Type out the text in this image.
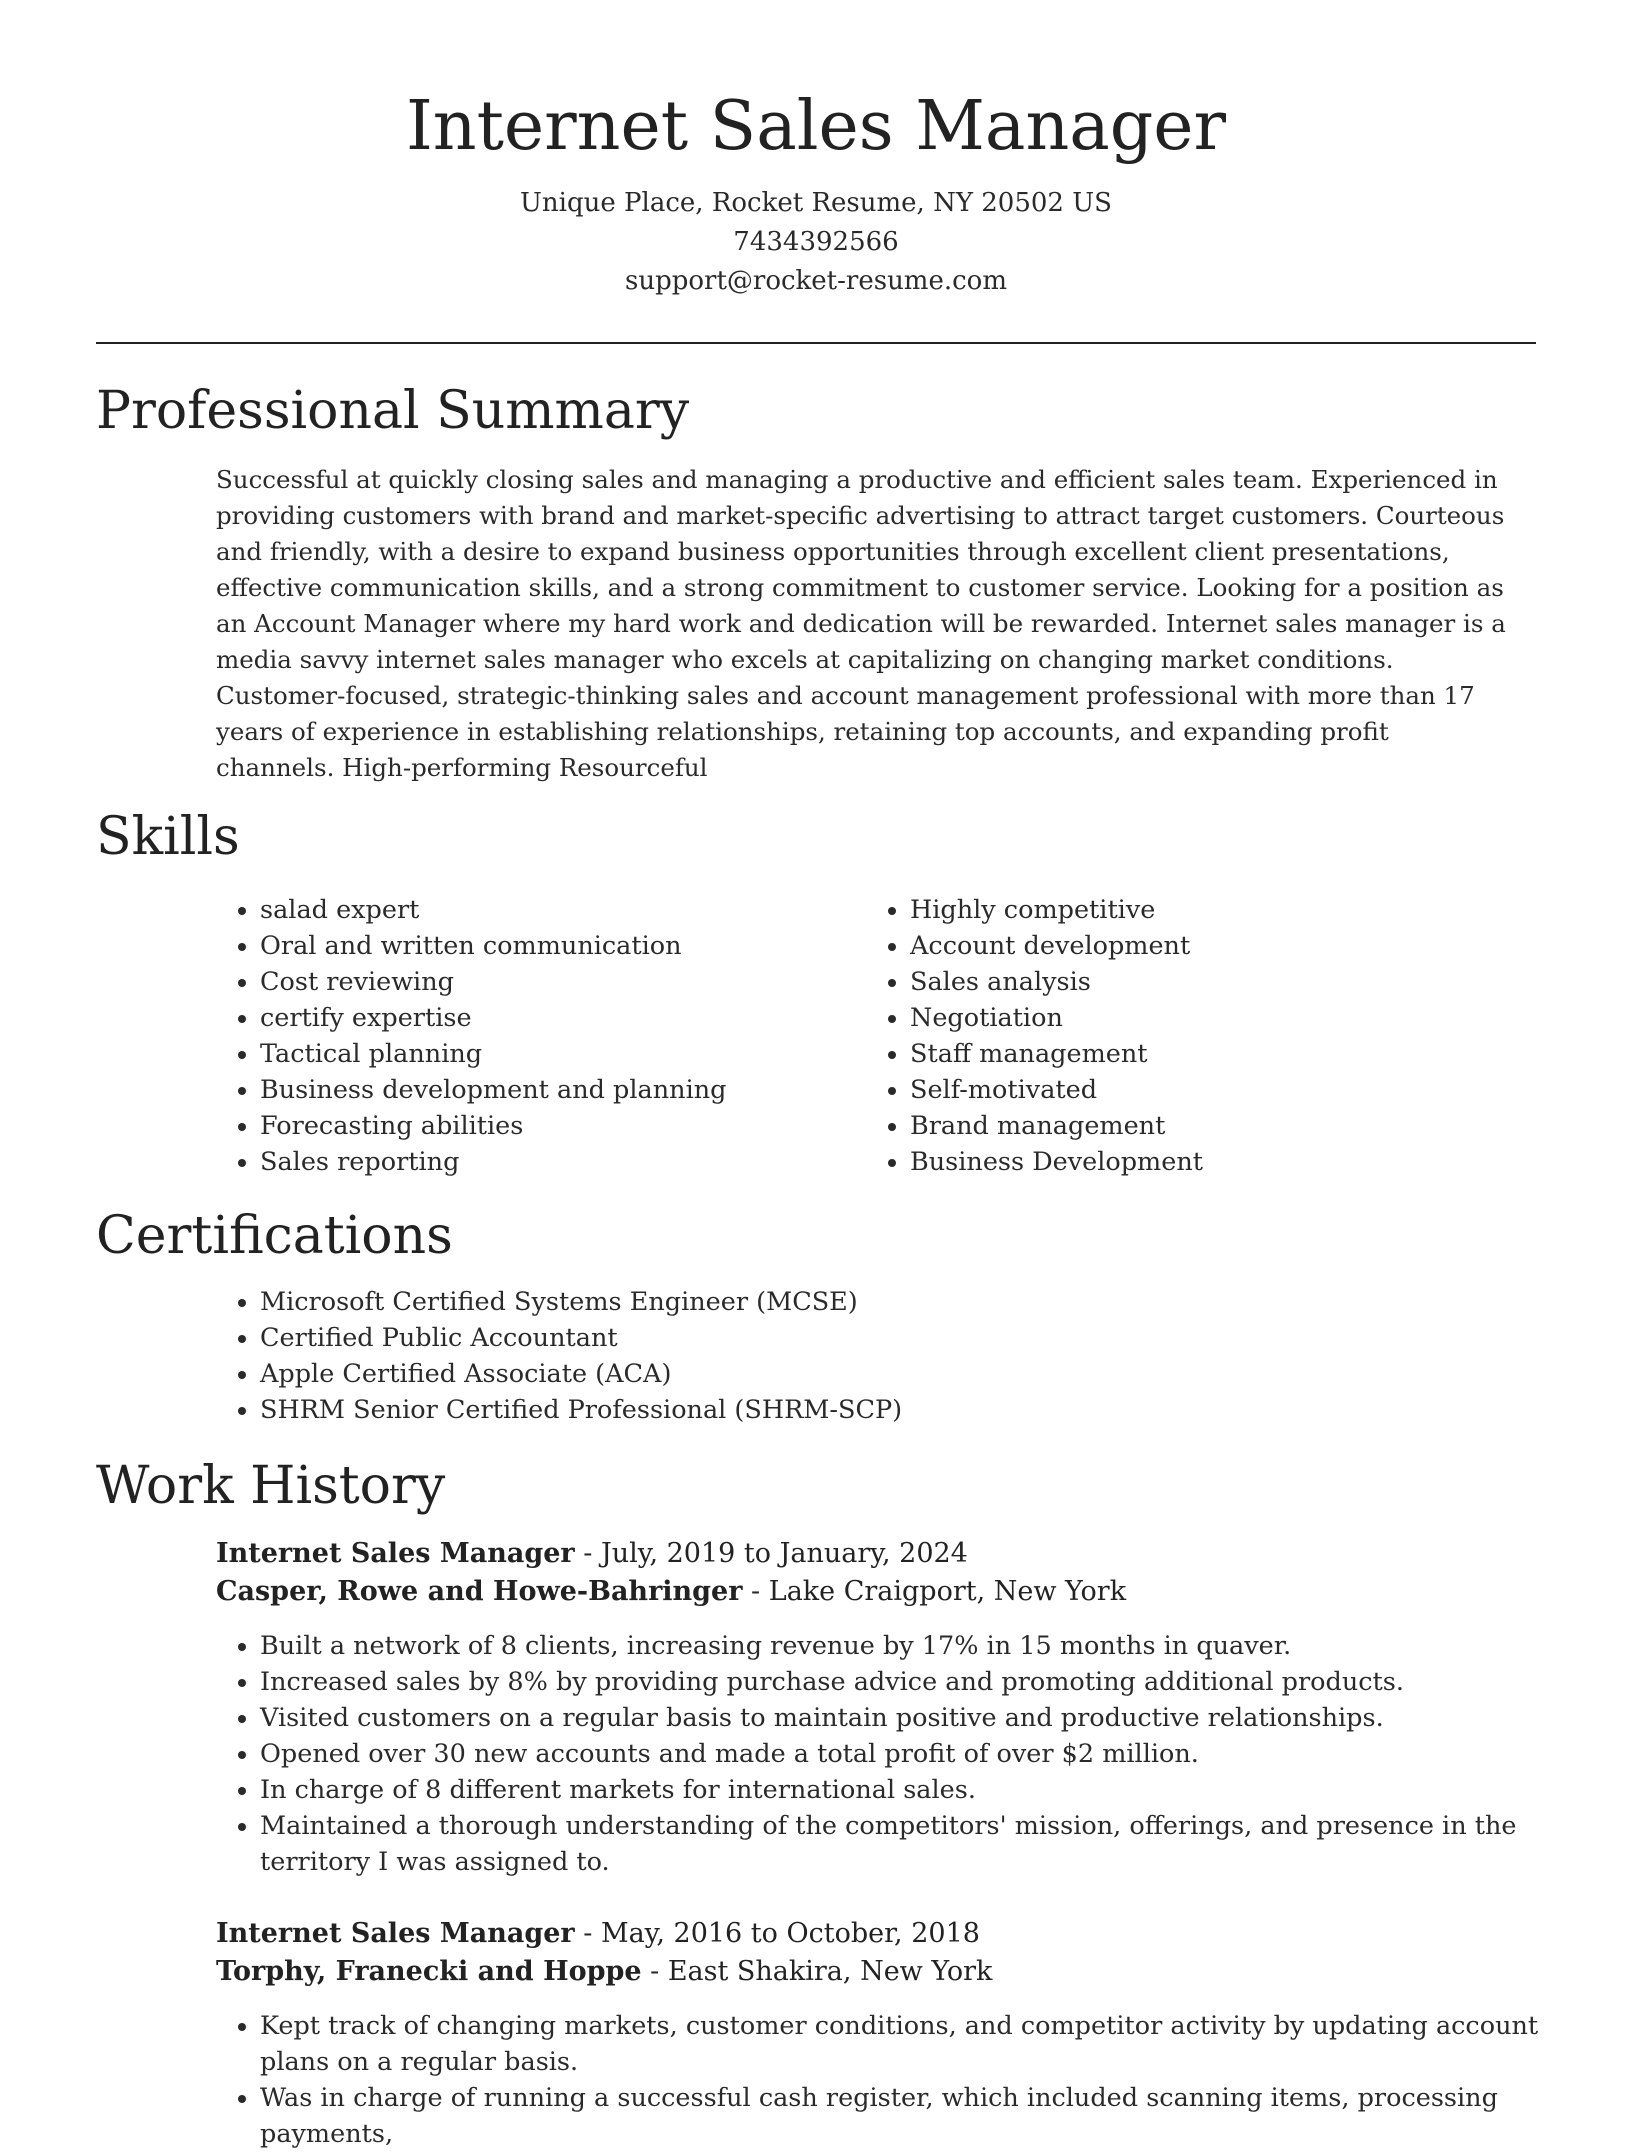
Internet Sales Manager
Unique Place, Rocket Resume, NY 20502 US
7434392566
support@rocket-resume.com
Professional Summary

Successful at quickly closing sales and managing a productive and efficient sales team. Experienced in providing customers with brand and market-specific advertising to attract target customers. Courteous and friendly, with a desire to expand business opportunities through excellent client presentations, effective communication skills, and a strong commitment to customer service. Looking for a position as an Account Manager where my hard work and dedication will be rewarded. Internet sales manager is a media savvy internet sales manager who excels at capitalizing on changing market conditions. Customer-focused, strategic-thinking sales and account management professional with more than 17 years of experience in establishing relationships, retaining top accounts, and expanding profit channels. High-performing Resourceful

Skills
• salad expert
• Oral and written communication
• Cost reviewing
• certify expertise
• Tactical planning
• Business development and planning
• Forecasting abilities
• Sales reporting
• Highly competitive
• Account development
• Sales analysis
• Negotiation
• Staff management
• Self-motivated
• Brand management
• Business Development
Certifications
• Microsoft Certified Systems Engineer (MCSE)
• Certified Public Accountant
• Apple Certified Associate (ACA)
• SHRM Senior Certified Professional (SHRM-SCP)
Work History
Internet Sales Manager - July, 2019 to January, 2024
Casper, Rowe and Howe-Bahringer - Lake Craigport, New York
• Built a network of 8 clients, increasing revenue by 17% in 15 months in quaver.
• Increased sales by 8% by providing purchase advice and promoting additional products.
• Visited customers on a regular basis to maintain positive and productive relationships.
• Opened over 30 new accounts and made a total profit of over $2 million.
• In charge of 8 different markets for international sales.
• Maintained a thorough understanding of the competitors' mission, offerings, and presence in the territory I was assigned to.
Internet Sales Manager - May, 2016 to October, 2018
Torphy, Franecki and Hoppe - East Shakira, New York
• Kept track of changing markets, customer conditions, and competitor activity by updating account plans on a regular basis.
• Was in charge of running a successful cash register, which included scanning items, processing payments,
